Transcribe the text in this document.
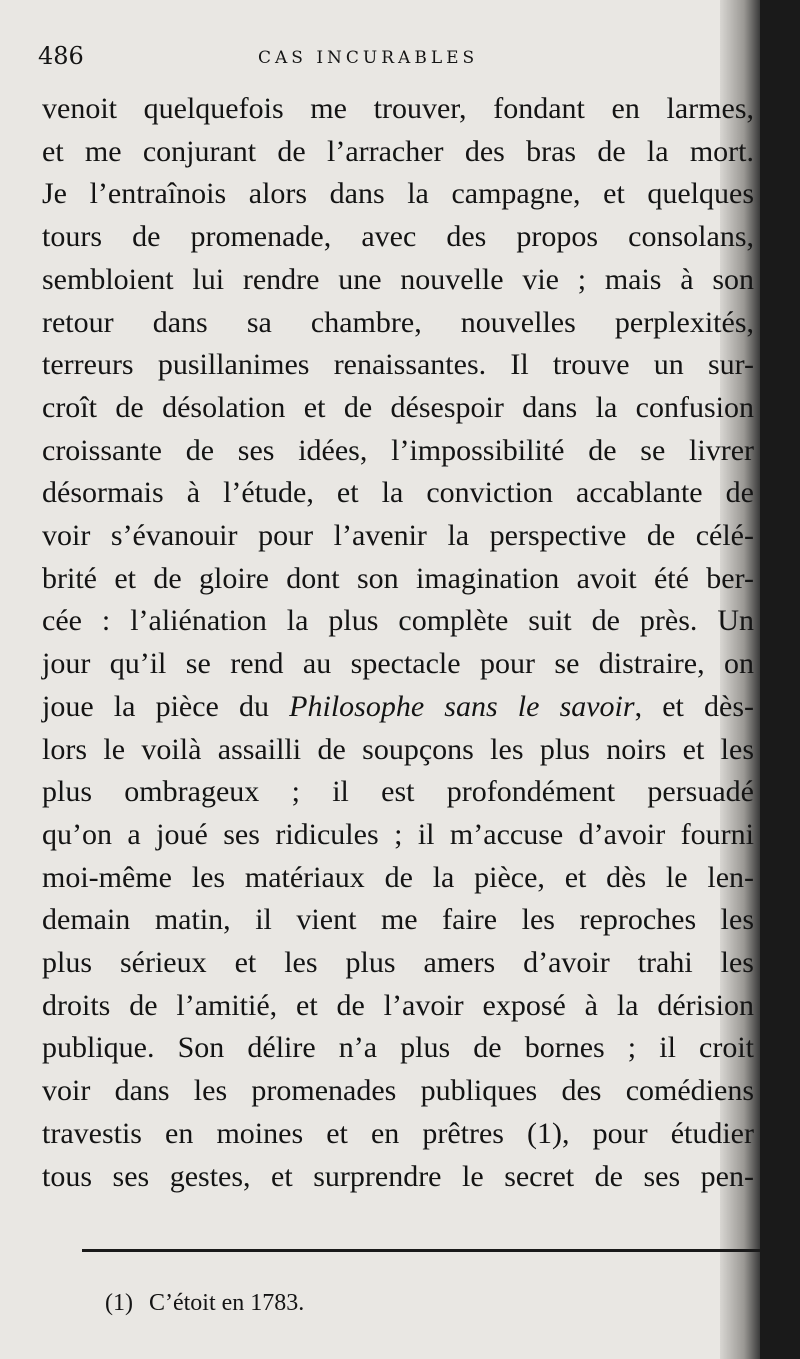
486	CAS INCURABLES
venoit quelquefois me trouver, fondant en larmes,
et me conjurant de l’arracher des bras de la mort.
Je l’entraînois alors dans la campagne, et quelques
tours de promenade, avec des propos consolans,
sembloient lui rendre une nouvelle vie ; mais à son
retour dans sa chambre, nouvelles perplexités,
terreurs pusillanimes renaissantes. Il trouve un sur-
croît de désolation et de désespoir dans la confusion
croissante de ses idées, l’impossibilité de se livrer
désormais à l’étude, et la conviction accablante de
voir s’évanouir pour l’avenir la perspective de célé-
brité et de gloire dont son imagination avoit été ber-
cée : l’aliénation la plus complète suit de près. Un
jour qu’il se rend au spectacle pour se distraire, on
joue la pièce du Philosophe sans le savoir, et dès-
lors le voilà assailli de soupçons les plus noirs et les
plus ombrageux ; il est profondément persuadé
qu’on a joué ses ridicules ; il m’accuse d’avoir fourni
moi-même les matériaux de la pièce, et dès le len-
demain matin, il vient me faire les reproches les
plus sérieux et les plus amers d’avoir trahi les
droits de l’amitié, et de l’avoir exposé à la dérision
publique. Son délire n’a plus de bornes ; il croit
voir dans les promenades publiques des comédiens
travestis en moines et en prêtres (1), pour étudier
tous ses gestes, et surprendre le secret de ses pen-
(1) C’étoit en 1783.
